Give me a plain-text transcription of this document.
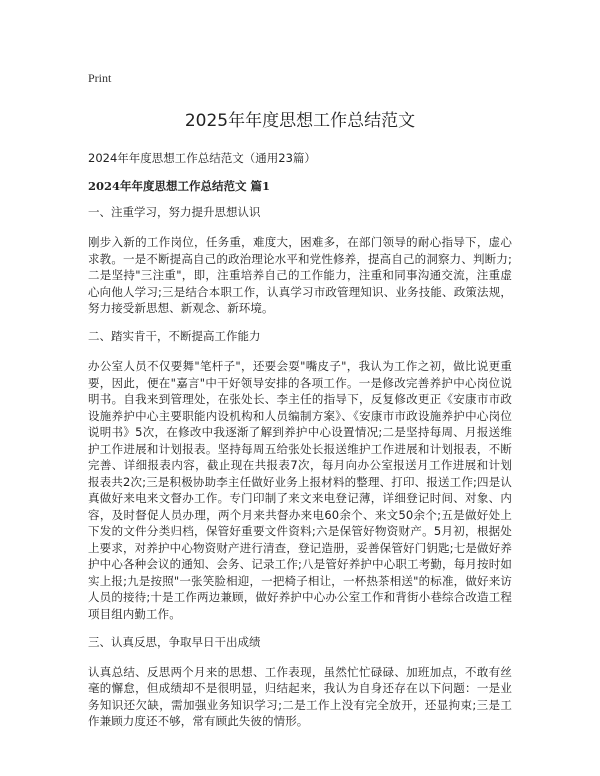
Print
2025年年度思想工作总结范文
2024年年度思想工作总结范文（通用23篇）
2024年年度思想工作总结范文 篇1
一、注重学习，努力提升思想认识

刚步入新的工作岗位，任务重，难度大，困难多，在部门领导的耐心指导下，虚心求教。一是不断提高自己的政治理论水平和党性修养，提高自己的洞察力、判断力;二是坚持"三注重"，即，注重培养自己的工作能力，注重和同事沟通交流，注重虚心向他人学习;三是结合本职工作，认真学习市政管理知识、业务技能、政策法规，努力接受新思想、新观念、新环境。

二、踏实肯干，不断提高工作能力

办公室人员不仅要舞"笔杆子"，还要会耍"嘴皮子"，我认为工作之初，做比说更重要，因此，便在"嘉言"中干好领导安排的各项工作。一是修改完善养护中心岗位说明书。自我来到管理处，在张处长、李主任的指导下，反复修改更正《安康市市政设施养护中心主要职能内设机构和人员编制方案》、《安康市市政设施养护中心岗位说明书》5次，在修改中我逐渐了解到养护中心设置情况;二是坚持每周、月报送维护工作进展和计划报表。坚持每周五给张处长报送维护工作进展和计划报表，不断完善、详细报表内容，截止现在共报表7次，每月向办公室报送月工作进展和计划报表共2次;三是积极协助李主任做好业务上报材料的整理、打印、报送工作;四是认真做好来电来文督办工作。专门印制了来文来电登记薄，详细登记时间、对象、内容，及时督促人员办理，两个月来共督办来电60余个、来文50余个;五是做好处上下发的文件分类归档，保管好重要文件资料;六是保管好物资财产。5月初，根据处上要求，对养护中心物资财产进行清查，登记造册，妥善保管好门钥匙;七是做好养护中心各种会议的通知、会务、记录工作;八是管好养护中心职工考勤，每月按时如实上报;九是按照"一张笑脸相迎，一把椅子相让，一杯热茶相送"的标准，做好来访人员的接待;十是工作两边兼顾，做好养护中心办公室工作和背街小巷综合改造工程项目组内勤工作。

三、认真反思，争取早日干出成绩

认真总结、反思两个月来的思想、工作表现，虽然忙忙碌碌、加班加点，不敢有丝毫的懈怠，但成绩却不是很明显，归结起来，我认为自身还存在以下问题：一是业务知识还欠缺，需加强业务知识学习;二是工作上没有完全放开，还显拘束;三是工作兼顾力度还不够，常有顾此失彼的情形。
